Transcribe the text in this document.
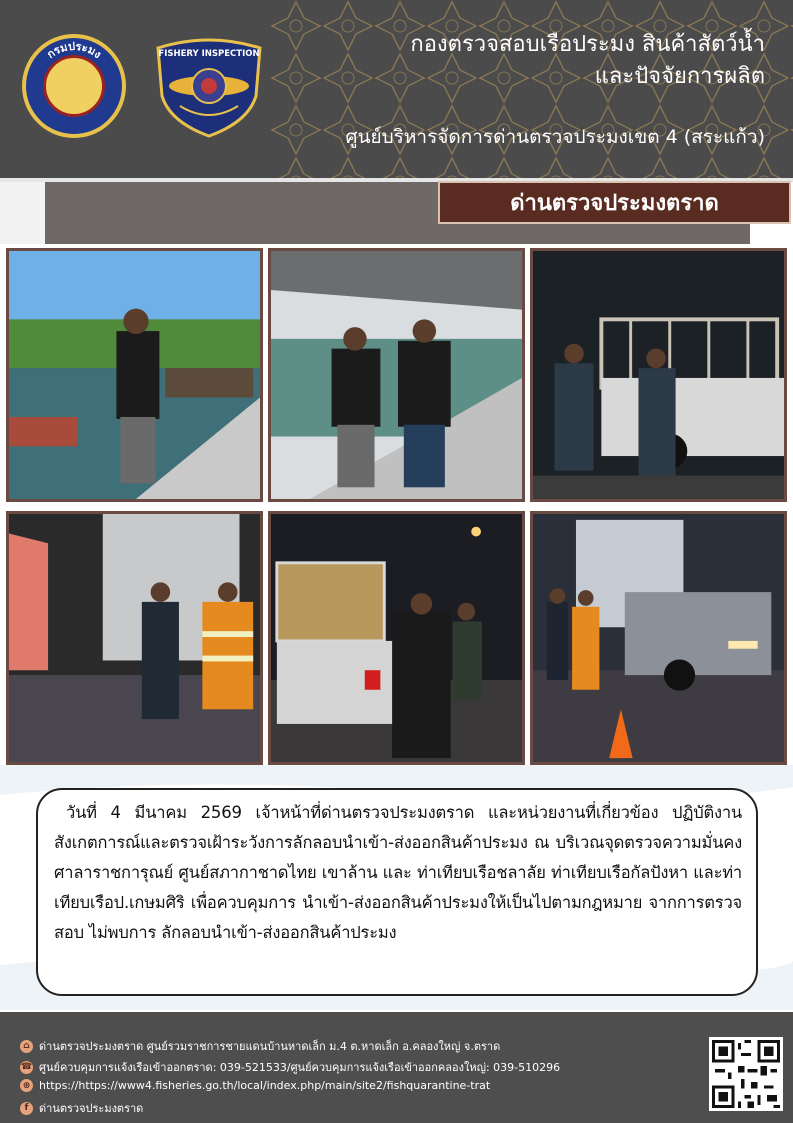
กรมประมง	FISHERY INSPECTION	กองตรวจสอบเรือประมง สินค้าสัตว์น้ำ
และปัจจัยการผลิต
ศูนย์บริหารจัดการด่านตรวจประมงเขต 4 (สระแก้ว)
ด่านตรวจประมงตราด

วันที่ 4 มีนาคม 2569 เจ้าหน้าที่ด่านตรวจประมงตราด และหน่วยงานที่เกี่ยวข้อง ปฏิบัติงานสังเกตการณ์และตรวจเฝ้าระวังการลักลอบนำเข้า-ส่งออกสินค้าประมง ณ บริเวณจุดตรวจความมั่นคง ศาลาราชการุณย์ ศูนย์สภากาชาดไทย เขาล้าน และ ท่าเทียบเรือชลาลัย ท่าเทียบเรือกัลปังหา และท่าเทียบเรือป.เกษมศิริ เพื่อควบคุมการ นำเข้า-ส่งออกสินค้าประมงให้เป็นไปตามกฎหมาย จากการตรวจสอบ ไม่พบการ ลักลอบนำเข้า-ส่งออกสินค้าประมง

⌂ ด่านตรวจประมงตราด ศูนย์รวมราชการชายแดนบ้านหาดเล็ก ม.4 ต.หาดเล็ก อ.คลองใหญ่ จ.ตราด
☎ ศูนย์ควบคุมการแจ้งเรือเข้าออกตราด: 039-521533/ศูนย์ควบคุมการแจ้งเรือเข้าออกคลองใหญ่: 039-510296
⊕ https://https://www4.fisheries.go.th/local/index.php/main/site2/fishquarantine-trat
f ด่านตรวจประมงตราด
